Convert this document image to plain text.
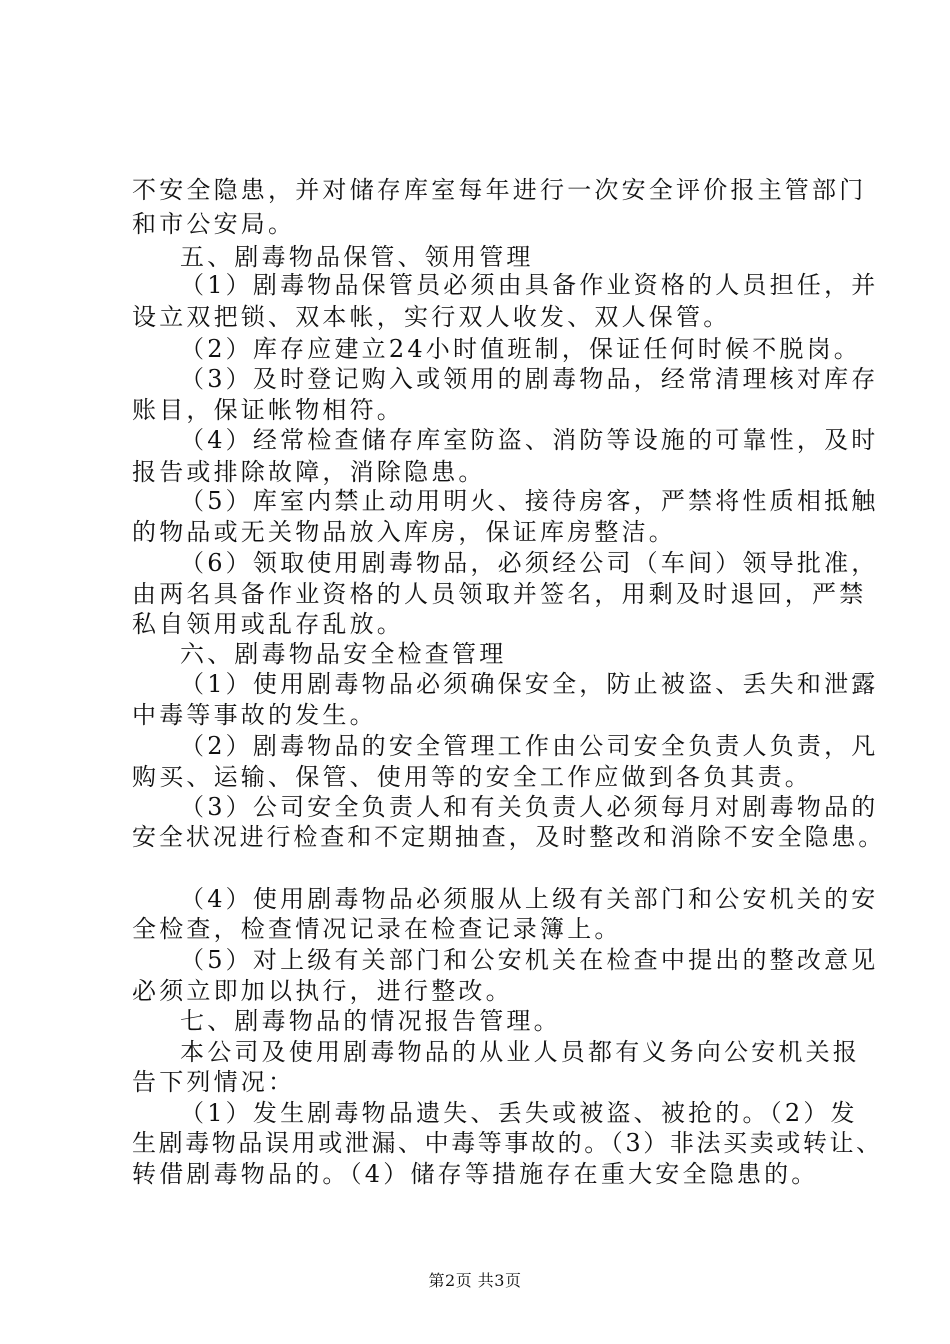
不安全隐患，并对储存库室每年进行一次安全评价报主管部门
和市公安局。
五、剧毒物品保管、领用管理
（1）剧毒物品保管员必须由具备作业资格的人员担任，并
设立双把锁、双本帐，实行双人收发、双人保管。
（2）库存应建立24小时值班制，保证任何时候不脱岗。
（3）及时登记购入或领用的剧毒物品，经常清理核对库存
账目，保证帐物相符。
（4）经常检查储存库室防盗、消防等设施的可靠性，及时
报告或排除故障，消除隐患。
（5）库室内禁止动用明火、接待房客，严禁将性质相抵触
的物品或无关物品放入库房，保证库房整洁。
（6）领取使用剧毒物品，必须经公司（车间）领导批准，
由两名具备作业资格的人员领取并签名，用剩及时退回，严禁
私自领用或乱存乱放。
六、剧毒物品安全检查管理
（1）使用剧毒物品必须确保安全，防止被盗、丢失和泄露
中毒等事故的发生。
（2）剧毒物品的安全管理工作由公司安全负责人负责，凡
购买、运输、保管、使用等的安全工作应做到各负其责。
（3）公司安全负责人和有关负责人必须每月对剧毒物品的
安全状况进行检查和不定期抽查，及时整改和消除不安全隐患。
（4）使用剧毒物品必须服从上级有关部门和公安机关的安
全检查，检查情况记录在检查记录簿上。
（5）对上级有关部门和公安机关在检查中提出的整改意见
必须立即加以执行，进行整改。
七、剧毒物品的情况报告管理。
本公司及使用剧毒物品的从业人员都有义务向公安机关报
告下列情况：
（1）发生剧毒物品遗失、丢失或被盗、被抢的。（2）发
生剧毒物品误用或泄漏、中毒等事故的。（3）非法买卖或转让、
转借剧毒物品的。（4）储存等措施存在重大安全隐患的。
第2页 共3页
